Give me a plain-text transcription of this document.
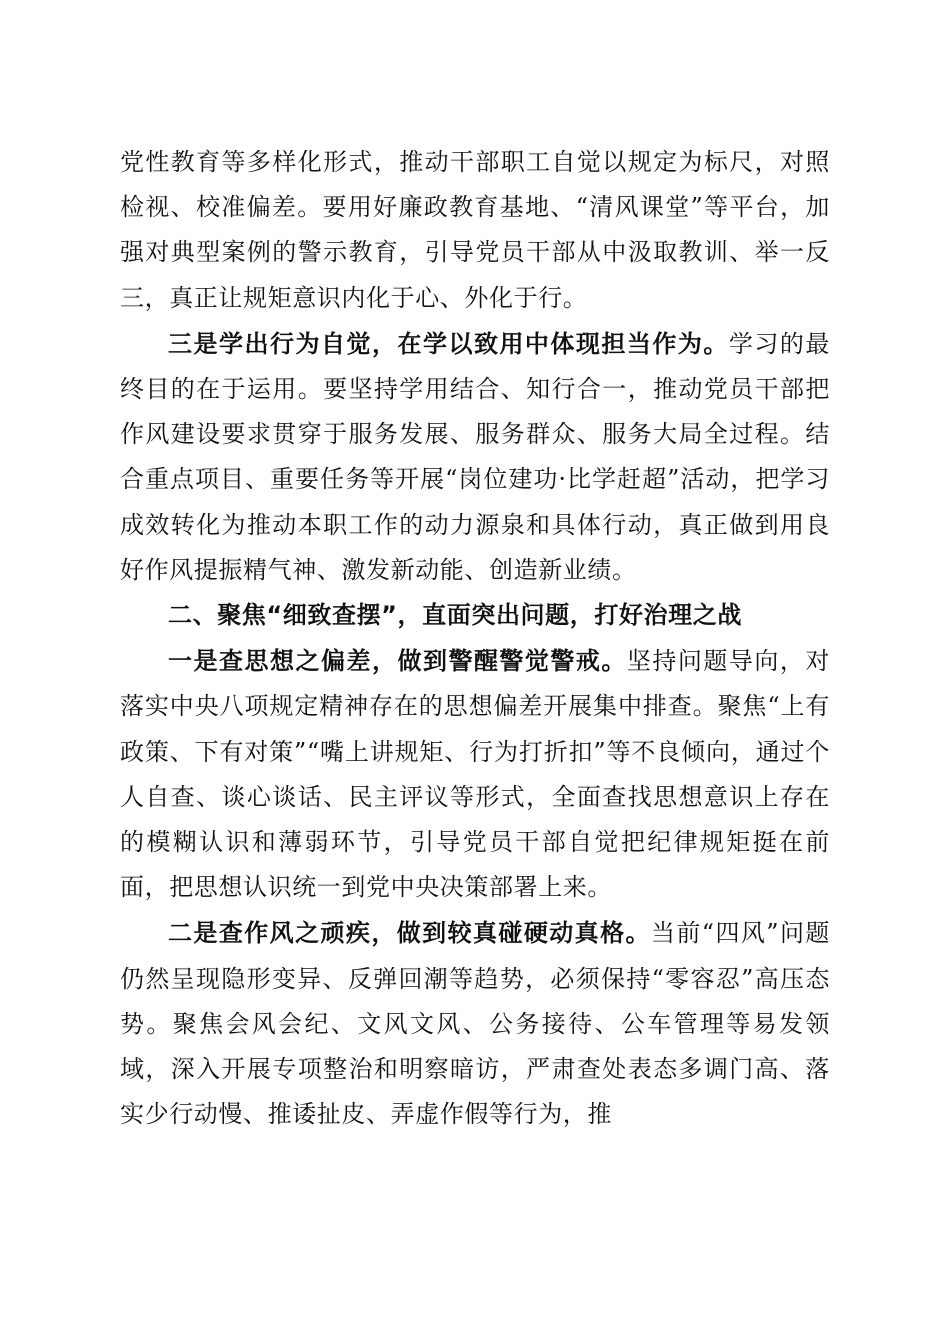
党性教育等多样化形式，推动干部职工自觉以规定为标尺，对照检视、校准偏差。要用好廉政教育基地、“清风课堂”等平台，加强对典型案例的警示教育，引导党员干部从中汲取教训、举一反三，真正让规矩意识内化于心、外化于行。

三是学出行为自觉，在学以致用中体现担当作为。学习的最终目的在于运用。要坚持学用结合、知行合一，推动党员干部把作风建设要求贯穿于服务发展、服务群众、服务大局全过程。结合重点项目、重要任务等开展“岗位建功·比学赶超”活动，把学习成效转化为推动本职工作的动力源泉和具体行动，真正做到用良好作风提振精气神、激发新动能、创造新业绩。

二、聚焦“细致查摆”，直面突出问题，打好治理之战

一是查思想之偏差，做到警醒警觉警戒。坚持问题导向，对落实中央八项规定精神存在的思想偏差开展集中排查。聚焦“上有政策、下有对策”“嘴上讲规矩、行为打折扣”等不良倾向，通过个人自查、谈心谈话、民主评议等形式，全面查找思想意识上存在的模糊认识和薄弱环节，引导党员干部自觉把纪律规矩挺在前面，把思想认识统一到党中央决策部署上来。

二是查作风之顽疾，做到较真碰硬动真格。当前“四风”问题仍然呈现隐形变异、反弹回潮等趋势，必须保持“零容忍”高压态势。聚焦会风会纪、文风文风、公务接待、公车管理等易发领域，深入开展专项整治和明察暗访，严肃查处表态多调门高、落实少行动慢、推诿扯皮、弄虚作假等行为，推
